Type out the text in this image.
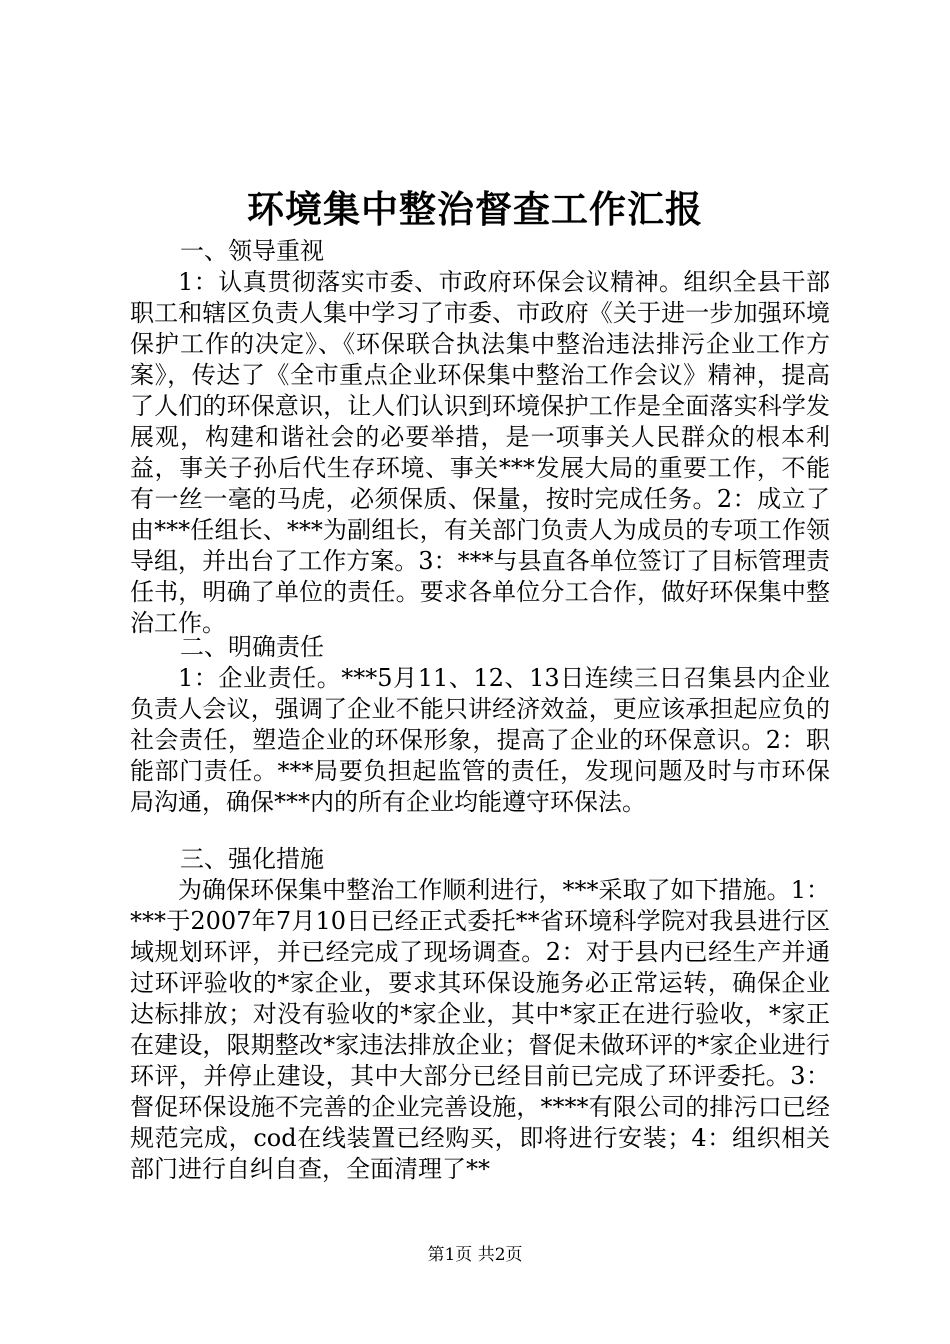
环境集中整治督查工作汇报
一、领导重视

1：认真贯彻落实市委、市政府环保会议精神。组织全县干部职工和辖区负责人集中学习了市委、市政府《关于进一步加强环境保护工作的决定》、《环保联合执法集中整治违法排污企业工作方案》，传达了《全市重点企业环保集中整治工作会议》精神，提高了人们的环保意识，让人们认识到环境保护工作是全面落实科学发展观，构建和谐社会的必要举措，是一项事关人民群众的根本利益，事关子孙后代生存环境、事关***发展大局的重要工作，不能有一丝一毫的马虎，必须保质、保量，按时完成任务。2：成立了由***任组长、***为副组长，有关部门负责人为成员的专项工作领导组，并出台了工作方案。3：***与县直各单位签订了目标管理责任书，明确了单位的责任。要求各单位分工合作，做好环保集中整治工作。

二、明确责任

1：企业责任。***5月11、12、13日连续三日召集县内企业负责人会议，强调了企业不能只讲经济效益，更应该承担起应负的社会责任，塑造企业的环保形象，提高了企业的环保意识。2：职能部门责任。***局要负担起监管的责任，发现问题及时与市环保局沟通，确保***内的所有企业均能遵守环保法。

三、强化措施

为确保环保集中整治工作顺利进行，***采取了如下措施。1：***于2007年7月10日已经正式委托**省环境科学院对我县进行区域规划环评，并已经完成了现场调查。2：对于县内已经生产并通过环评验收的*家企业，要求其环保设施务必正常运转，确保企业达标排放；对没有验收的*家企业，其中*家正在进行验收，*家正在建设，限期整改*家违法排放企业；督促未做环评的*家企业进行环评，并停止建设，其中大部分已经目前已完成了环评委托。3：督促环保设施不完善的企业完善设施，****有限公司的排污口已经规范完成，cod在线装置已经购买，即将进行安装；4：组织相关部门进行自纠自查，全面清理了**

第1页 共2页
